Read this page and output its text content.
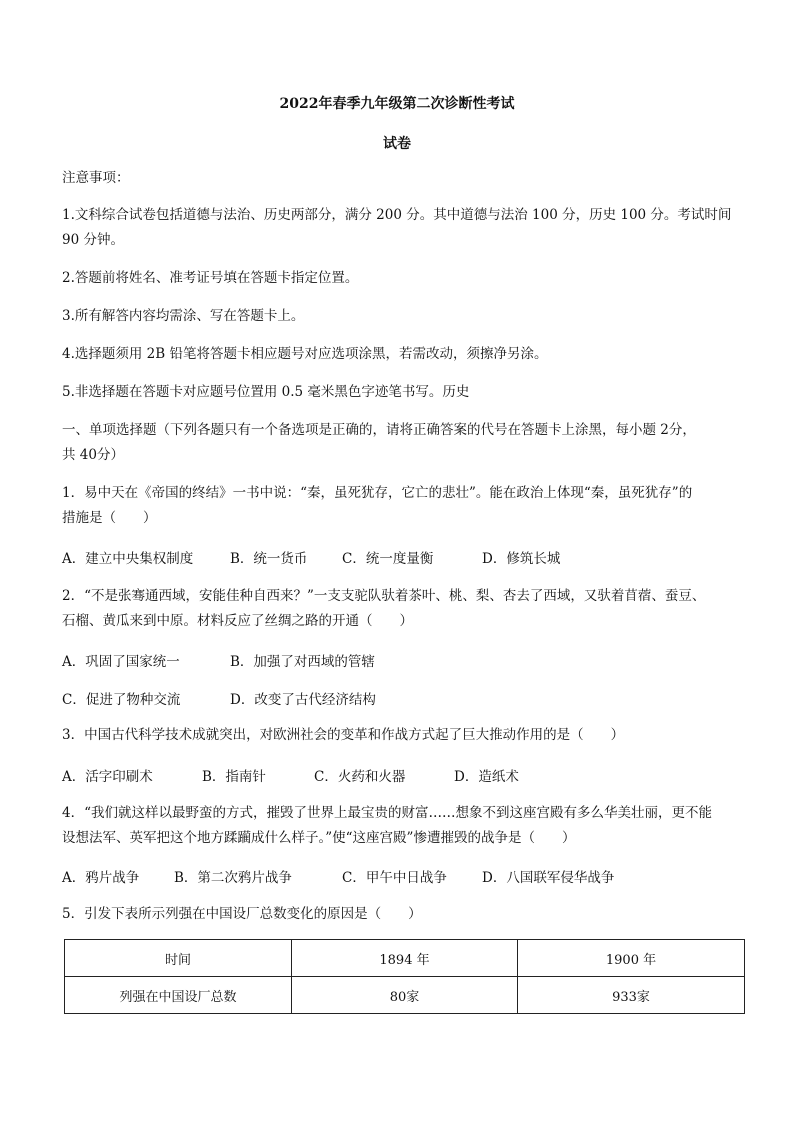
2022年春季九年级第二次诊断性考试
试卷
注意事项：
1.文科综合试卷包括道德与法治、历史两部分，满分 200 分。其中道德与法治 100 分，历史 100 分。考试时间
90 分钟。
2.答题前将姓名、准考证号填在答题卡指定位置。
3.所有解答内容均需涂、写在答题卡上。
4.选择题须用 2B 铅笔将答题卡相应题号对应选项涂黑，若需改动，须擦净另涂。
5.非选择题在答题卡对应题号位置用 0.5 毫米黑色字迹笔书写。历史
一、单项选择题（下列各题只有一个备选项是正确的，请将正确答案的代号在答题卡上涂黑，每小题 2分，
共 40分）
1．易中天在《帝国的终结》一书中说：“秦，虽死犹存，它亡的悲壮”。能在政治上体现“秦，虽死犹存”的
措施是（　　）
A．建立中央集权制度	B．统一货币	C．统一度量衡	D．修筑长城
2．“不是张骞通西域，安能佳种自西来？”一支支驼队驮着茶叶、桃、梨、杏去了西域，又驮着苜蓿、蚕豆、
石榴、黄瓜来到中原。材料反应了丝绸之路的开通（　　）
A．巩固了国家统一	B．加强了对西域的管辖
C．促进了物种交流	D．改变了古代经济结构
3．中国古代科学技术成就突出，对欧洲社会的变革和作战方式起了巨大推动作用的是（　　）
A．活字印刷术	B．指南针	C．火药和火器	D．造纸术
4．“我们就这样以最野蛮的方式，摧毁了世界上最宝贵的财富……想象不到这座宫殿有多么华美壮丽，更不能
设想法军、英军把这个地方蹂躏成什么样子。”使“这座宫殿”惨遭摧毁的战争是（　　）
A．鸦片战争	B．第二次鸦片战争	C．甲午中日战争	D．八国联军侵华战争
5．引发下表所示列强在中国设厂总数变化的原因是（　　）
时间	1894 年	1900 年
列强在中国设厂总数	80家	933家
